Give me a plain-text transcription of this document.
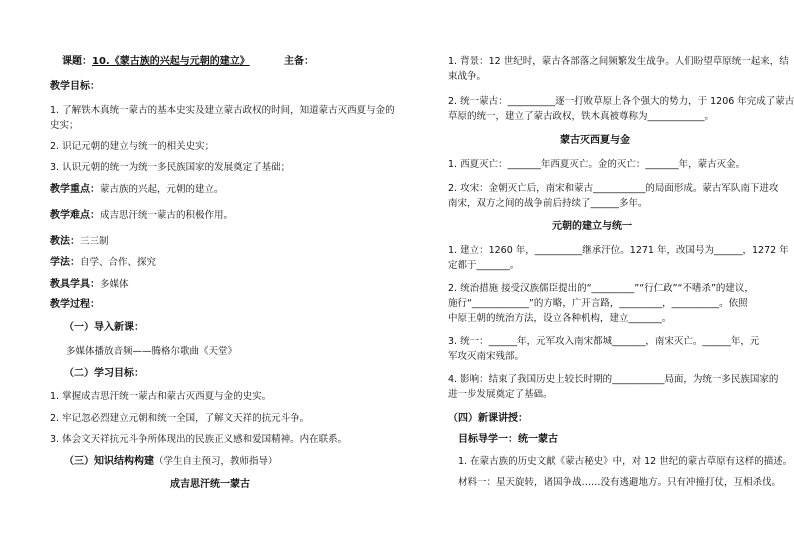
课题：10.《蒙古族的兴起与元朝的建立》	主备：
教学目标：
1. 了解铁木真统一蒙古的基本史实及建立蒙古政权的时间，知道蒙古灭西夏与金的
史实；
2. 识记元朝的建立与统一的相关史实；
3. 认识元朝的统一为统一多民族国家的发展奠定了基础；
教学重点：蒙古族的兴起，元朝的建立。
教学难点：成吉思汗统一蒙古的积极作用。
教法：三三制
学法：自学、合作、探究
教具学具：多媒体
教学过程：
（一）导入新课：
多媒体播放音频——腾格尔歌曲《天堂》
（二）学习目标：
1. 掌握成吉思汗统一蒙古和蒙古灭西夏与金的史实。
2. 牢记忽必烈建立元朝和统一全国，了解文天祥的抗元斗争。
3. 体会文天祥抗元斗争所体现出的民族正义感和爱国精神。内在联系。
（三）知识结构构建（学生自主预习，教师指导）
成吉思汗统一蒙古
1. 背景：12 世纪时，蒙古各部落之间频繁发生战争。人们盼望草原统一起来，结
束战争。
2. 统一蒙古：__________逐一打败草原上各个强大的势力，于 1206 年完成了蒙古
草原的统一，建立了蒙古政权，铁木真被尊称为____________。
蒙古灭西夏与金
1. 西夏灭亡：_______年西夏灭亡。金的灭亡：_______年，蒙古灭金。
2. 攻宋：金朝灭亡后，南宋和蒙古___________的局面形成。蒙古军队南下进攻
南宋，双方之间的战争前后持续了______多年。
元朝的建立与统一
1. 建立：1260 年，__________继承汗位。1271 年，改国号为______，1272 年
定都于_______。
2. 统治措施 接受汉族儒臣提出的“_________”“行仁政”“不嗜杀”的建议，
施行“____________”的方略，广开言路，_________，__________。依照
中原王朝的统治方法，设立各种机构，建立_______。
3. 统一：______年，元军攻入南宋都城_______，南宋灭亡。______年，元
军攻灭南宋残部。
4. 影响：结束了我国历史上较长时期的___________局面，为统一多民族国家的
进一步发展奠定了基础。
（四）新课讲授：
目标导学一：统一蒙古
1. 在蒙古族的历史文献《蒙古秘史》中，对 12 世纪的蒙古草原有这样的描述。
材料一：星天旋转，诸国争战……没有逃避地方。只有冲撞打仗，互相杀伐。
